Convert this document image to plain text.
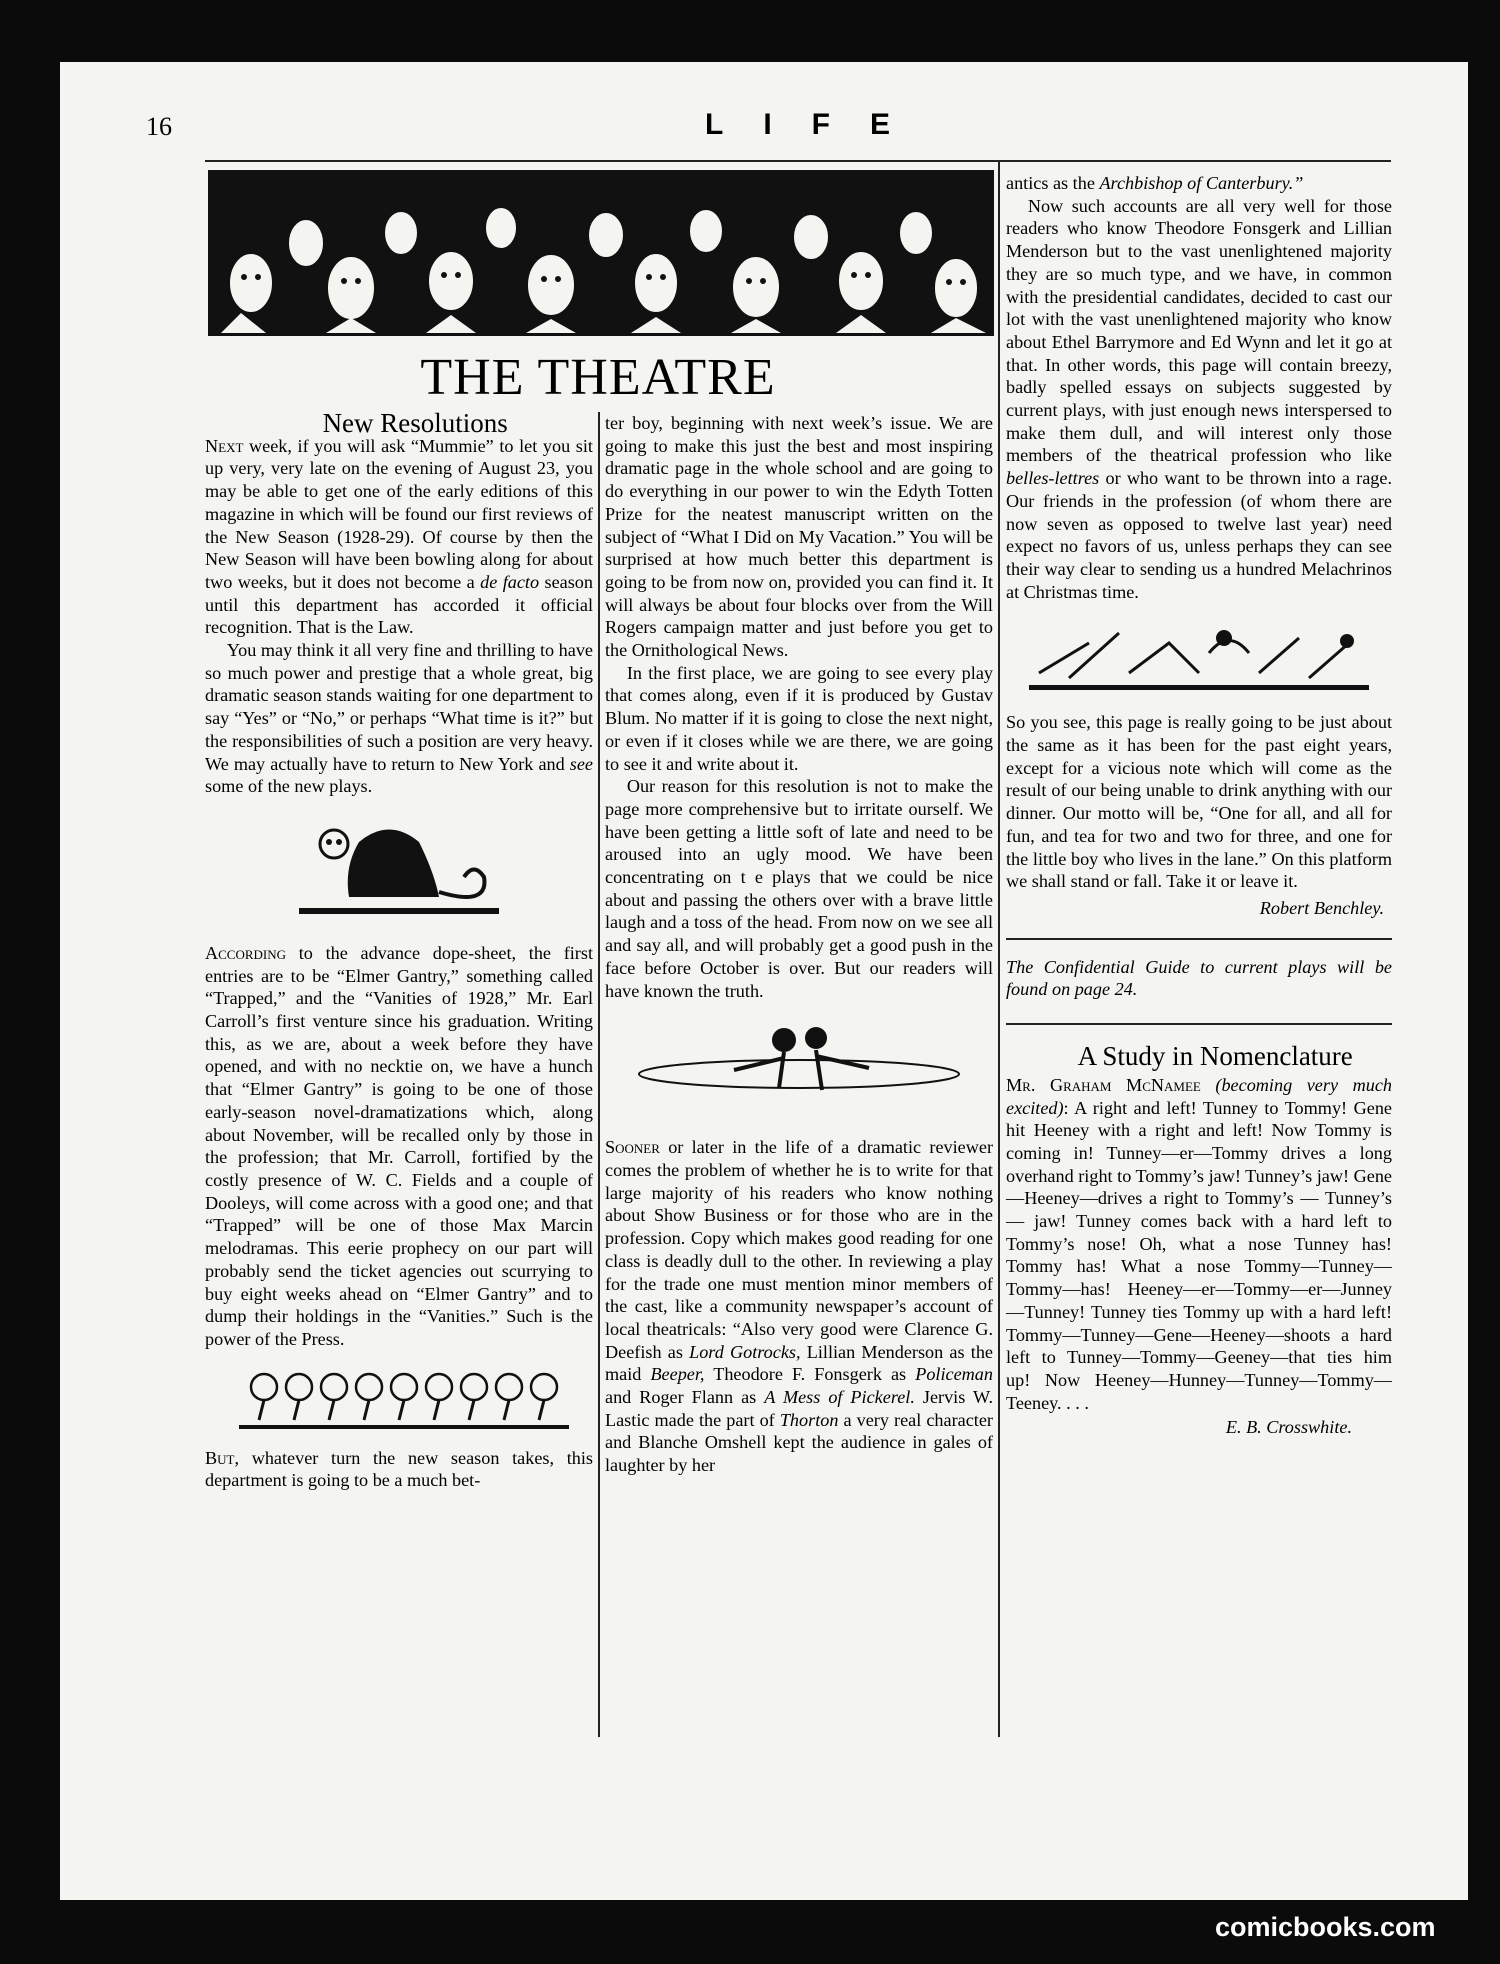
16	LIFE
THE THEATRE

New Resolutions

Next week, if you will ask “Mummie” to let you sit up very, very late on the evening of August 23, you may be able to get one of the early editions of this magazine in which will be found our first reviews of the New Season (1928-29). Of course by then the New Season will have been bowling along for about two weeks, but it does not become a de facto season until this department has accorded it official recognition. That is the Law.

You may think it all very fine and thrilling to have so much power and prestige that a whole great, big dramatic season stands waiting for one department to say “Yes” or “No,” or perhaps “What time is it?” but the responsibilities of such a position are very heavy. We may actually have to return to New York and see some of the new plays.

According to the advance dope-sheet, the first entries are to be “Elmer Gantry,” something called “Trapped,” and the “Vanities of 1928,” Mr. Earl Carroll’s first venture since his graduation. Writing this, as we are, about a week before they have opened, and with no necktie on, we have a hunch that “Elmer Gantry” is going to be one of those early-season novel-dramatizations which, along about November, will be recalled only by those in the profession; that Mr. Carroll, fortified by the costly presence of W. C. Fields and a couple of Dooleys, will come across with a good one; and that “Trapped” will be one of those Max Marcin melodramas. This eerie prophecy on our part will probably send the ticket agencies out scurrying to buy eight weeks ahead on “Elmer Gantry” and to dump their holdings in the “Vanities.” Such is the power of the Press.

But, whatever turn the new season takes, this department is going to be a much bet-

ter boy, beginning with next week’s issue. We are going to make this just the best and most inspiring dramatic page in the whole school and are going to do everything in our power to win the Edyth Totten Prize for the neatest manuscript written on the subject of “What I Did on My Vacation.” You will be surprised at how much better this department is going to be from now on, provided you can find it. It will always be about four blocks over from the Will Rogers campaign matter and just before you get to the Ornithological News.

In the first place, we are going to see every play that comes along, even if it is produced by Gustav Blum. No matter if it is going to close the next night, or even if it closes while we are there, we are going to see it and write about it.

Our reason for this resolution is not to make the page more comprehensive but to irritate ourself. We have been getting a little soft of late and need to be aroused into an ugly mood. We have been concentrating on t e plays that we could be nice about and passing the others over with a brave little laugh and a toss of the head. From now on we see all and say all, and will probably get a good push in the face before October is over. But our readers will have known the truth.

Sooner or later in the life of a dramatic reviewer comes the problem of whether he is to write for that large majority of his readers who know nothing about Show Business or for those who are in the profession. Copy which makes good reading for one class is deadly dull to the other. In reviewing a play for the trade one must mention minor members of the cast, like a community newspaper’s account of local theatricals: “Also very good were Clarence G. Deefish as Lord Gotrocks, Lillian Menderson as the maid Beeper, Theodore F. Fonsgerk as Policeman and Roger Flann as A Mess of Pickerel. Jervis W. Lastic made the part of Thorton a very real character and Blanche Omshell kept the audience in gales of laughter by her

antics as the Archbishop of Canterbury.”

Now such accounts are all very well for those readers who know Theodore Fonsgerk and Lillian Menderson but to the vast unenlightened majority they are so much type, and we have, in common with the presidential candidates, decided to cast our lot with the vast unenlightened majority who know about Ethel Barrymore and Ed Wynn and let it go at that. In other words, this page will contain breezy, badly spelled essays on subjects suggested by current plays, with just enough news interspersed to make them dull, and will interest only those members of the theatrical profession who like belles-lettres or who want to be thrown into a rage. Our friends in the profession (of whom there are now seven as opposed to twelve last year) need expect no favors of us, unless perhaps they can see their way clear to sending us a hundred Melachrinos at Christmas time.

So you see, this page is really going to be just about the same as it has been for the past eight years, except for a vicious note which will come as the result of our being unable to drink anything with our dinner. Our motto will be, “One for all, and all for fun, and tea for two and two for three, and one for the little boy who lives in the lane.” On this platform we shall stand or fall. Take it or leave it.

Robert Benchley.

The Confidential Guide to current plays will be found on page 24.

A Study in Nomenclature

Mr. Graham McNamee (becoming very much excited): A right and left! Tunney to Tommy! Gene hit Heeney with a right and left! Now Tommy is coming in! Tunney—er—Tommy drives a long overhand right to Tommy’s jaw! Tunney’s jaw! Gene—Heeney—drives a right to Tommy’s — Tunney’s — jaw! Tunney comes back with a hard left to Tommy’s nose! Oh, what a nose Tunney has! Tommy has! What a nose Tommy—Tunney—Tommy—has! Heeney—er—Tommy—er—Junney—Tunney! Tunney ties Tommy up with a hard left! Tommy—Tunney—Gene—Heeney—shoots a hard left to Tunney—Tommy—Geeney—that ties him up! Now Heeney—Hunney—Tunney—Tommy—Teeney. . . .

E. B. Crosswhite.

comicbooks.com
